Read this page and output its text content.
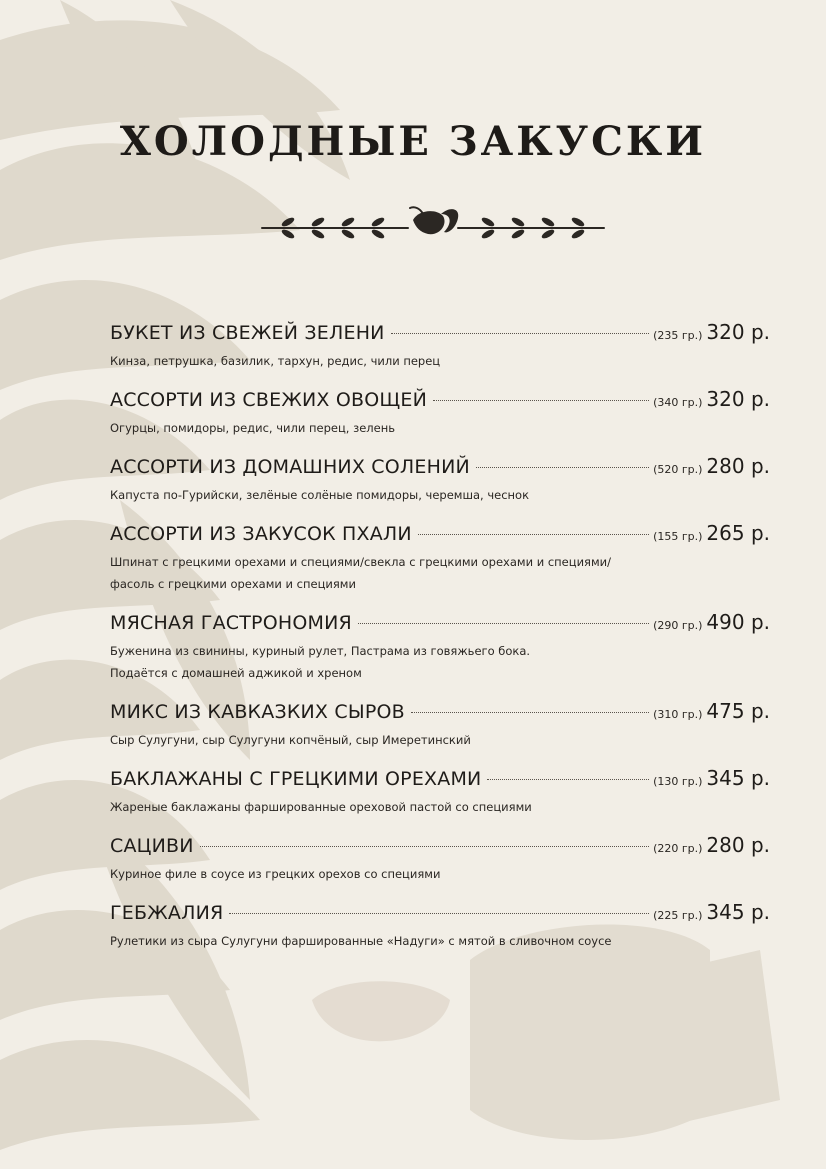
ХОЛОДНЫЕ ЗАКУСКИ
БУКЕТ ИЗ СВЕЖЕЙ ЗЕЛЕНИ	(235 гр.) 320 р.
Кинза, петрушка, базилик, тархун, редис, чили перец
АССОРТИ ИЗ СВЕЖИХ ОВОЩЕЙ	(340 гр.) 320 р.
Огурцы, помидоры, редис, чили перец, зелень
АССОРТИ ИЗ ДОМАШНИХ СОЛЕНИЙ	(520 гр.) 280 р.
Капуста по-Гурийски, зелёные солёные помидоры, черемша, чеснок
АССОРТИ ИЗ ЗАКУСОК ПХАЛИ	(155 гр.) 265 р.
Шпинат с грецкими орехами и специями/свекла с грецкими орехами и специями/
фасоль с грецкими орехами и специями
МЯСНАЯ ГАСТРОНОМИЯ	(290 гр.) 490 р.
Буженина из свинины, куриный рулет, Пастрама из говяжьего бока.
Подаётся с домашней аджикой и хреном
МИКС ИЗ КАВКАЗКИХ СЫРОВ	(310 гр.) 475 р.
Сыр Сулугуни, сыр Сулугуни копчёный, сыр Имеретинский
БАКЛАЖАНЫ С ГРЕЦКИМИ ОРЕХАМИ	(130 гр.) 345 р.
Жареные баклажаны фаршированные ореховой пастой со специями
САЦИВИ	(220 гр.) 280 р.
Куриное филе в соусе из грецких орехов со специями
ГЕБЖАЛИЯ	(225 гр.) 345 р.
Рулетики из сыра Сулугуни фаршированные «Надуги» с мятой в сливочном соусе
